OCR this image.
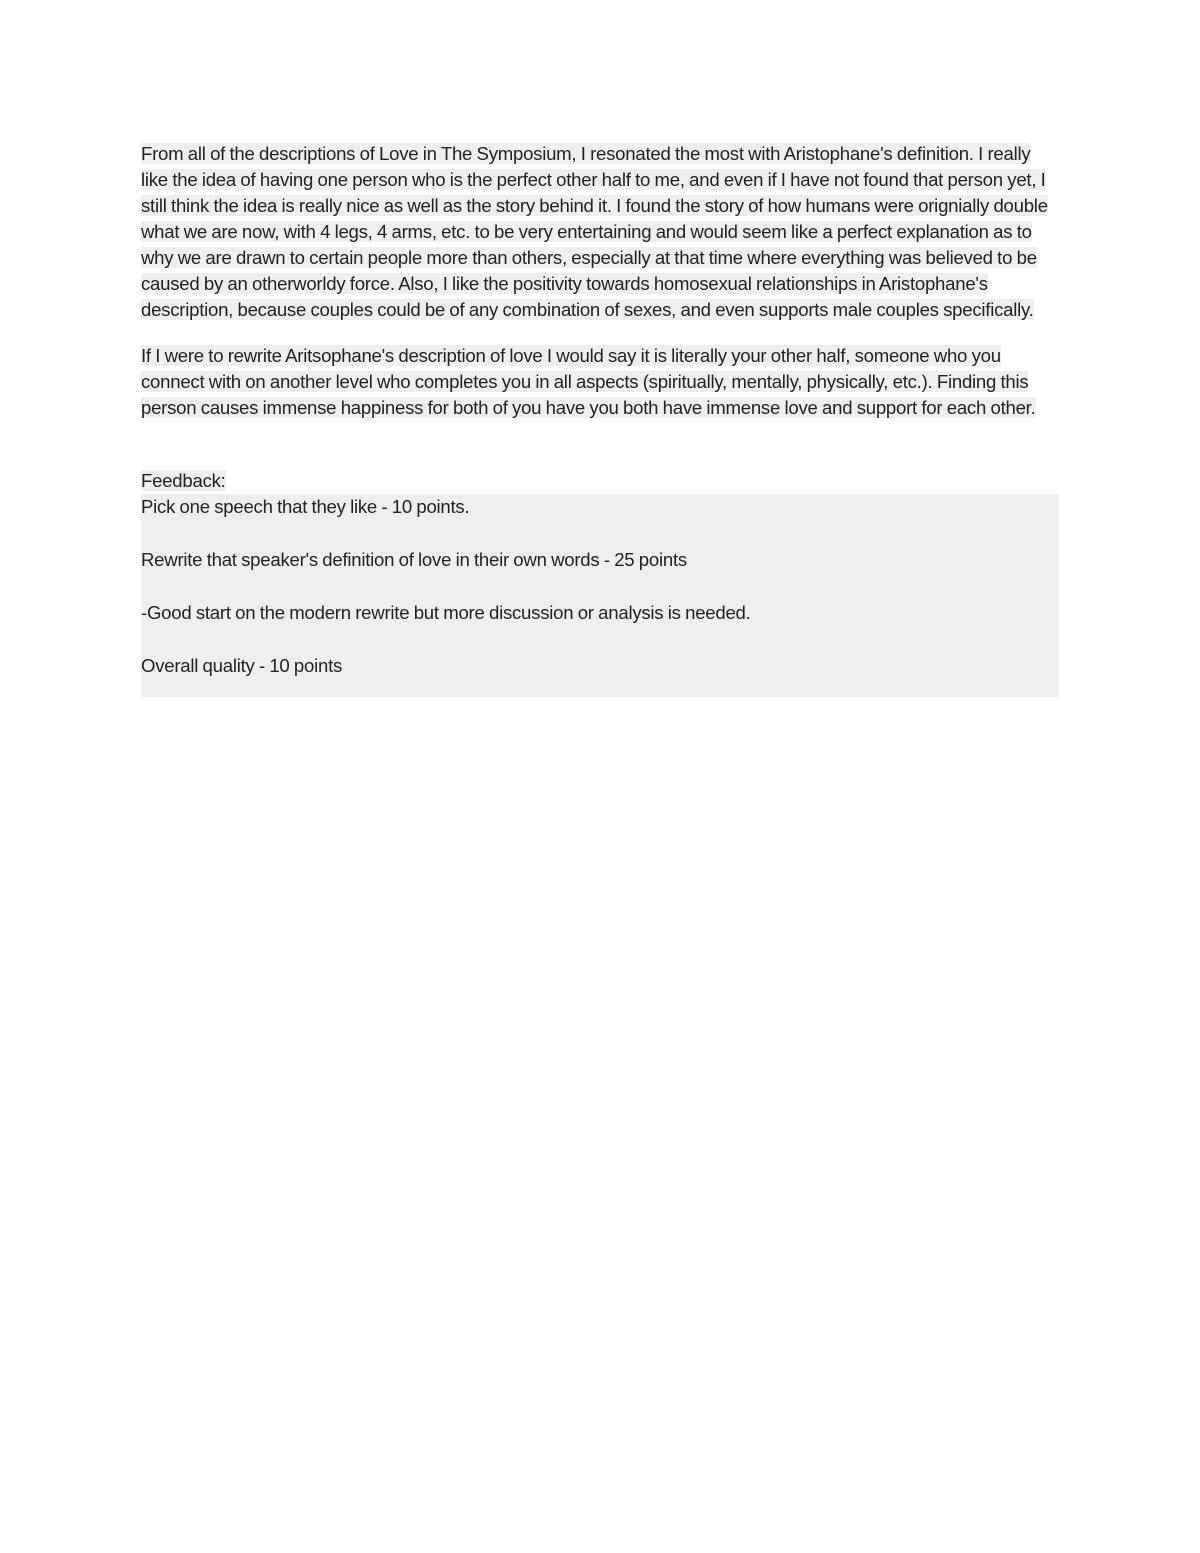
From all of the descriptions of Love in The Symposium, I resonated the most with Aristophane's definition. I really like the idea of having one person who is the perfect other half to me, and even if I have not found that person yet, I still think the idea is really nice as well as the story behind it. I found the story of how humans were orignially double what we are now, with 4 legs, 4 arms, etc. to be very entertaining and would seem like a perfect explanation as to why we are drawn to certain people more than others, especially at that time where everything was believed to be caused by an otherworldy force. Also, I like the positivity towards homosexual relationships in Aristophane's description, because couples could be of any combination of sexes, and even supports male couples specifically.

If I were to rewrite Aritsophane's description of love I would say it is literally your other half, someone who you connect with on another level who completes you in all aspects (spiritually, mentally, physically, etc.). Finding this person causes immense happiness for both of you have you both have immense love and support for each other.

Feedback:

Pick one speech that they like - 10 points.

Rewrite that speaker's definition of love in their own words - 25 points

-Good start on the modern rewrite but more discussion or analysis is needed.

Overall quality - 10 points
